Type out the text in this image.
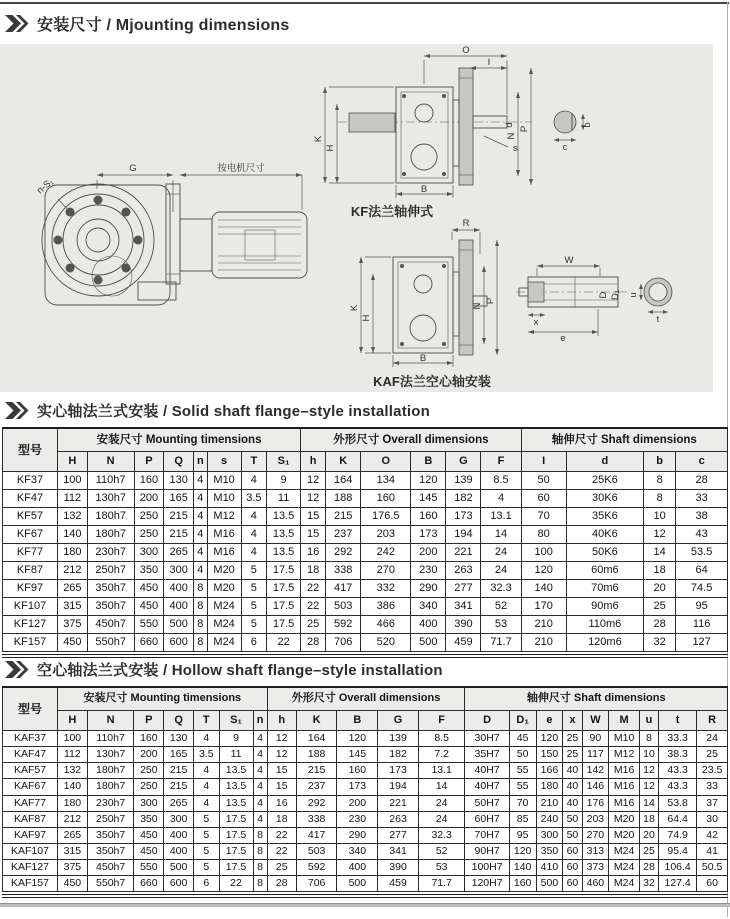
安装尺寸 / Mjounting dimensions
G	按电机尺寸
n-S₁
O
I
K
H
N
P
B
d
s
b
c
KF法兰轴伸式
R
K
H
N
P
B
W
D D₁
x
e
u
t
KAF法兰空心轴安装
实心轴法兰式安装 / Solid shaft flange–style installation
型号	安装尺寸 Mounting timensions								外形尺寸 Overall dimensions						轴伸尺寸 Shaft dimensions			
	H	N	P	Q	n	s	T	S₁	h	K	O	B	G	F	I	d	b	c
KF37	100	110h7	160	130	4	M10	4	9	12	164	134	120	139	8.5	50	25K6	8	28
KF47	112	130h7	200	165	4	M10	3.5	11	12	188	160	145	182	4	60	30K6	8	33
KF57	132	180h7	250	215	4	M12	4	13.5	15	215	176.5	160	173	13.1	70	35K6	10	38
KF67	140	180h7	250	215	4	M16	4	13.5	15	237	203	173	194	14	80	40K6	12	43
KF77	180	230h7	300	265	4	M16	4	13.5	16	292	242	200	221	24	100	50K6	14	53.5
KF87	212	250h7	350	300	4	M20	5	17.5	18	338	270	230	263	24	120	60m6	18	64
KF97	265	350h7	450	400	8	M20	5	17.5	22	417	332	290	277	32.3	140	70m6	20	74.5
KF107	315	350h7	450	400	8	M24	5	17.5	22	503	386	340	341	52	170	90m6	25	95
KF127	375	450h7	550	500	8	M24	5	17.5	25	592	466	400	390	53	210	110m6	28	116
KF157	450	550h7	660	600	8	M24	6	22	28	706	520	500	459	71.7	210	120m6	32	127
空心轴法兰式安装 / Hollow shaft flange–style installation
型号	安装尺寸 Mounting timensions							外形尺寸 Overall dimensions					轴伸尺寸 Shaft dimensions								
	H	N	P	Q	T	S₁	n	h	K	B	G	F	D	D₁	e	x	W	M	u	t	R
KAF37	100	110h7	160	130	4	9	4	12	164	120	139	8.5	30H7	45	120	25	90	M10	8	33.3	24
KAF47	112	130h7	200	165	3.5	11	4	12	188	145	182	7.2	35H7	50	150	25	117	M12	10	38.3	25
KAF57	132	180h7	250	215	4	13.5	4	15	215	160	173	13.1	40H7	55	166	40	142	M16	12	43.3	23.5
KAF67	140	180h7	250	215	4	13.5	4	15	237	173	194	14	40H7	55	180	40	146	M16	12	43.3	33
KAF77	180	230h7	300	265	4	13.5	4	16	292	200	221	24	50H7	70	210	40	176	M16	14	53.8	37
KAF87	212	250h7	350	300	5	17.5	4	18	338	230	263	24	60H7	85	240	50	203	M20	18	64.4	30
KAF97	265	350h7	450	400	5	17.5	8	22	417	290	277	32.3	70H7	95	300	50	270	M20	20	74.9	42
KAF107	315	350h7	450	400	5	17.5	8	22	503	340	341	52	90H7	120	350	60	313	M24	25	95.4	41
KAF127	375	450h7	550	500	5	17.5	8	25	592	400	390	53	100H7	140	410	60	373	M24	28	106.4	50.5
KAF157	450	550h7	660	600	6	22	8	28	706	500	459	71.7	120H7	160	500	60	460	M24	32	127.4	60
